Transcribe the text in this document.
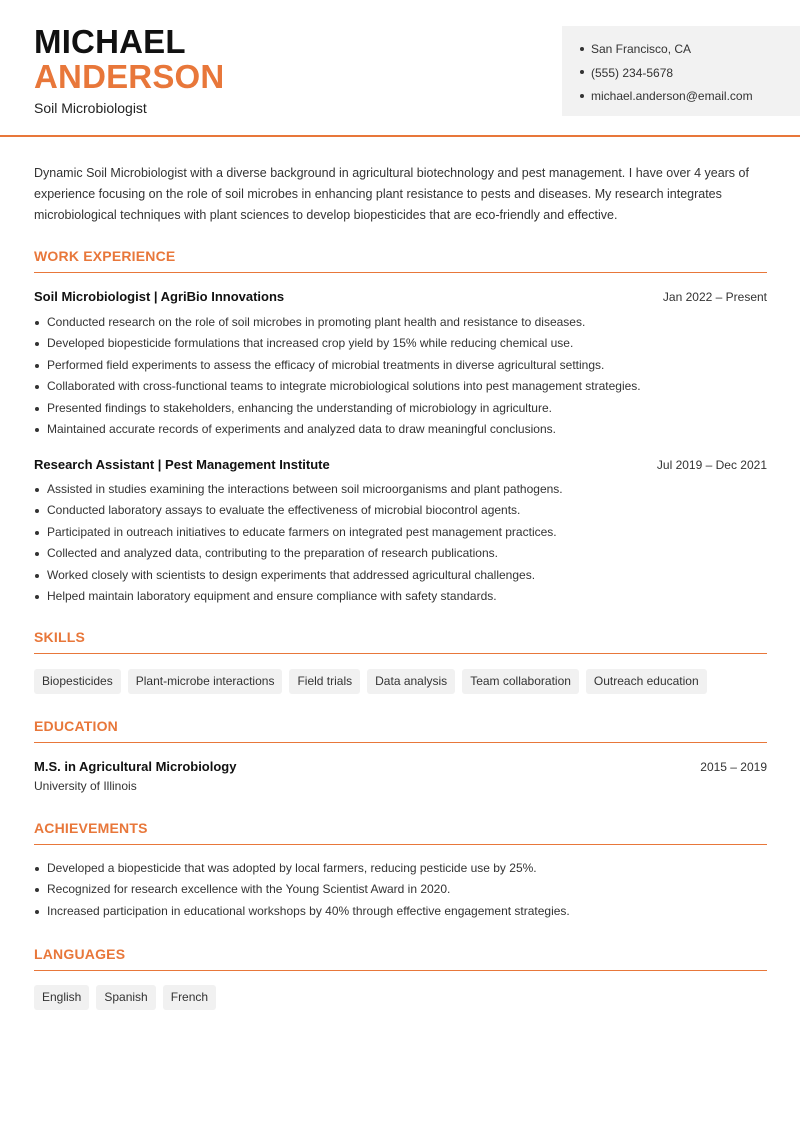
MICHAEL
ANDERSON
Soil Microbiologist
San Francisco, CA
(555) 234-5678
michael.anderson@email.com

Dynamic Soil Microbiologist with a diverse background in agricultural biotechnology and pest management. I have over 4 years of experience focusing on the role of soil microbes in enhancing plant resistance to pests and diseases. My research integrates microbiological techniques with plant sciences to develop biopesticides that are eco-friendly and effective.

WORK EXPERIENCE
Soil Microbiologist | AgriBio Innovations	Jan 2022 – Present
Conducted research on the role of soil microbes in promoting plant health and resistance to diseases.
Developed biopesticide formulations that increased crop yield by 15% while reducing chemical use.
Performed field experiments to assess the efficacy of microbial treatments in diverse agricultural settings.
Collaborated with cross-functional teams to integrate microbiological solutions into pest management strategies.
Presented findings to stakeholders, enhancing the understanding of microbiology in agriculture.
Maintained accurate records of experiments and analyzed data to draw meaningful conclusions.
Research Assistant | Pest Management Institute	Jul 2019 – Dec 2021
Assisted in studies examining the interactions between soil microorganisms and plant pathogens.
Conducted laboratory assays to evaluate the effectiveness of microbial biocontrol agents.
Participated in outreach initiatives to educate farmers on integrated pest management practices.
Collected and analyzed data, contributing to the preparation of research publications.
Worked closely with scientists to design experiments that addressed agricultural challenges.
Helped maintain laboratory equipment and ensure compliance with safety standards.
SKILLS
Biopesticides	Plant-microbe interactions	Field trials	Data analysis	Team collaboration	Outreach education
EDUCATION
M.S. in Agricultural Microbiology	2015 – 2019
University of Illinois
ACHIEVEMENTS
Developed a biopesticide that was adopted by local farmers, reducing pesticide use by 25%.
Recognized for research excellence with the Young Scientist Award in 2020.
Increased participation in educational workshops by 40% through effective engagement strategies.
LANGUAGES
English	Spanish	French
